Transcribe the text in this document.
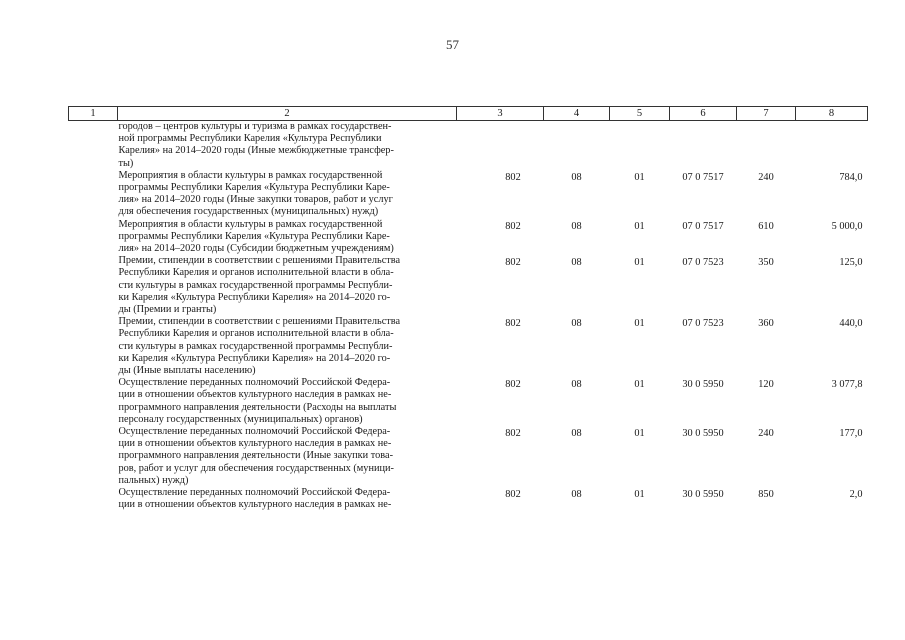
57
1	2	3	4	5	6	7	8

городов – центров культуры и туризма в рамках государствен-
ной программы Республики Карелия «Культура Республики
Карелия» на 2014–2020 годы (Иные межбюджетные трансфер-
ты)							

Мероприятия в области культуры в рамках государственной
программы Республики Карелия «Культура Республики Каре-
лия» на 2014–2020 годы (Иные закупки товаров, работ и услуг
для обеспечения государственных (муниципальных) нужд)		802	08	01	07 0 7517	240	784,0

Мероприятия в области культуры в рамках государственной
программы Республики Карелия «Культура Республики Каре-
лия» на 2014–2020 годы (Субсидии бюджетным учреждениям)		802	08	01	07 0 7517	610	5 000,0

Премии, стипендии в соответствии с решениями Правительства
Республики Карелия и органов исполнительной власти в обла-
сти культуры в рамках государственной программы Республи-
ки Карелия «Культура Республики Карелия» на 2014–2020 го-
ды (Премии и гранты)		802	08	01	07 0 7523	350	125,0

Премии, стипендии в соответствии с решениями Правительства
Республики Карелия и органов исполнительной власти в обла-
сти культуры в рамках государственной программы Республи-
ки Карелия «Культура Республики Карелия» на 2014–2020 го-
ды (Иные выплаты населению)		802	08	01	07 0 7523	360	440,0

Осуществление переданных полномочий Российской Федера-
ции в отношении объектов культурного наследия в рамках не-
программного направления деятельности (Расходы на выплаты
персоналу государственных (муниципальных) органов)		802	08	01	30 0 5950	120	3 077,8

Осуществление переданных полномочий Российской Федера-
ции в отношении объектов культурного наследия в рамках не-
программного направления деятельности (Иные закупки това-
ров, работ и услуг для обеспечения государственных (муници-
пальных) нужд)		802	08	01	30 0 5950	240	177,0

Осуществление переданных полномочий Российской Федера-
ции в отношении объектов культурного наследия в рамках не-		802	08	01	30 0 5950	850	2,0
